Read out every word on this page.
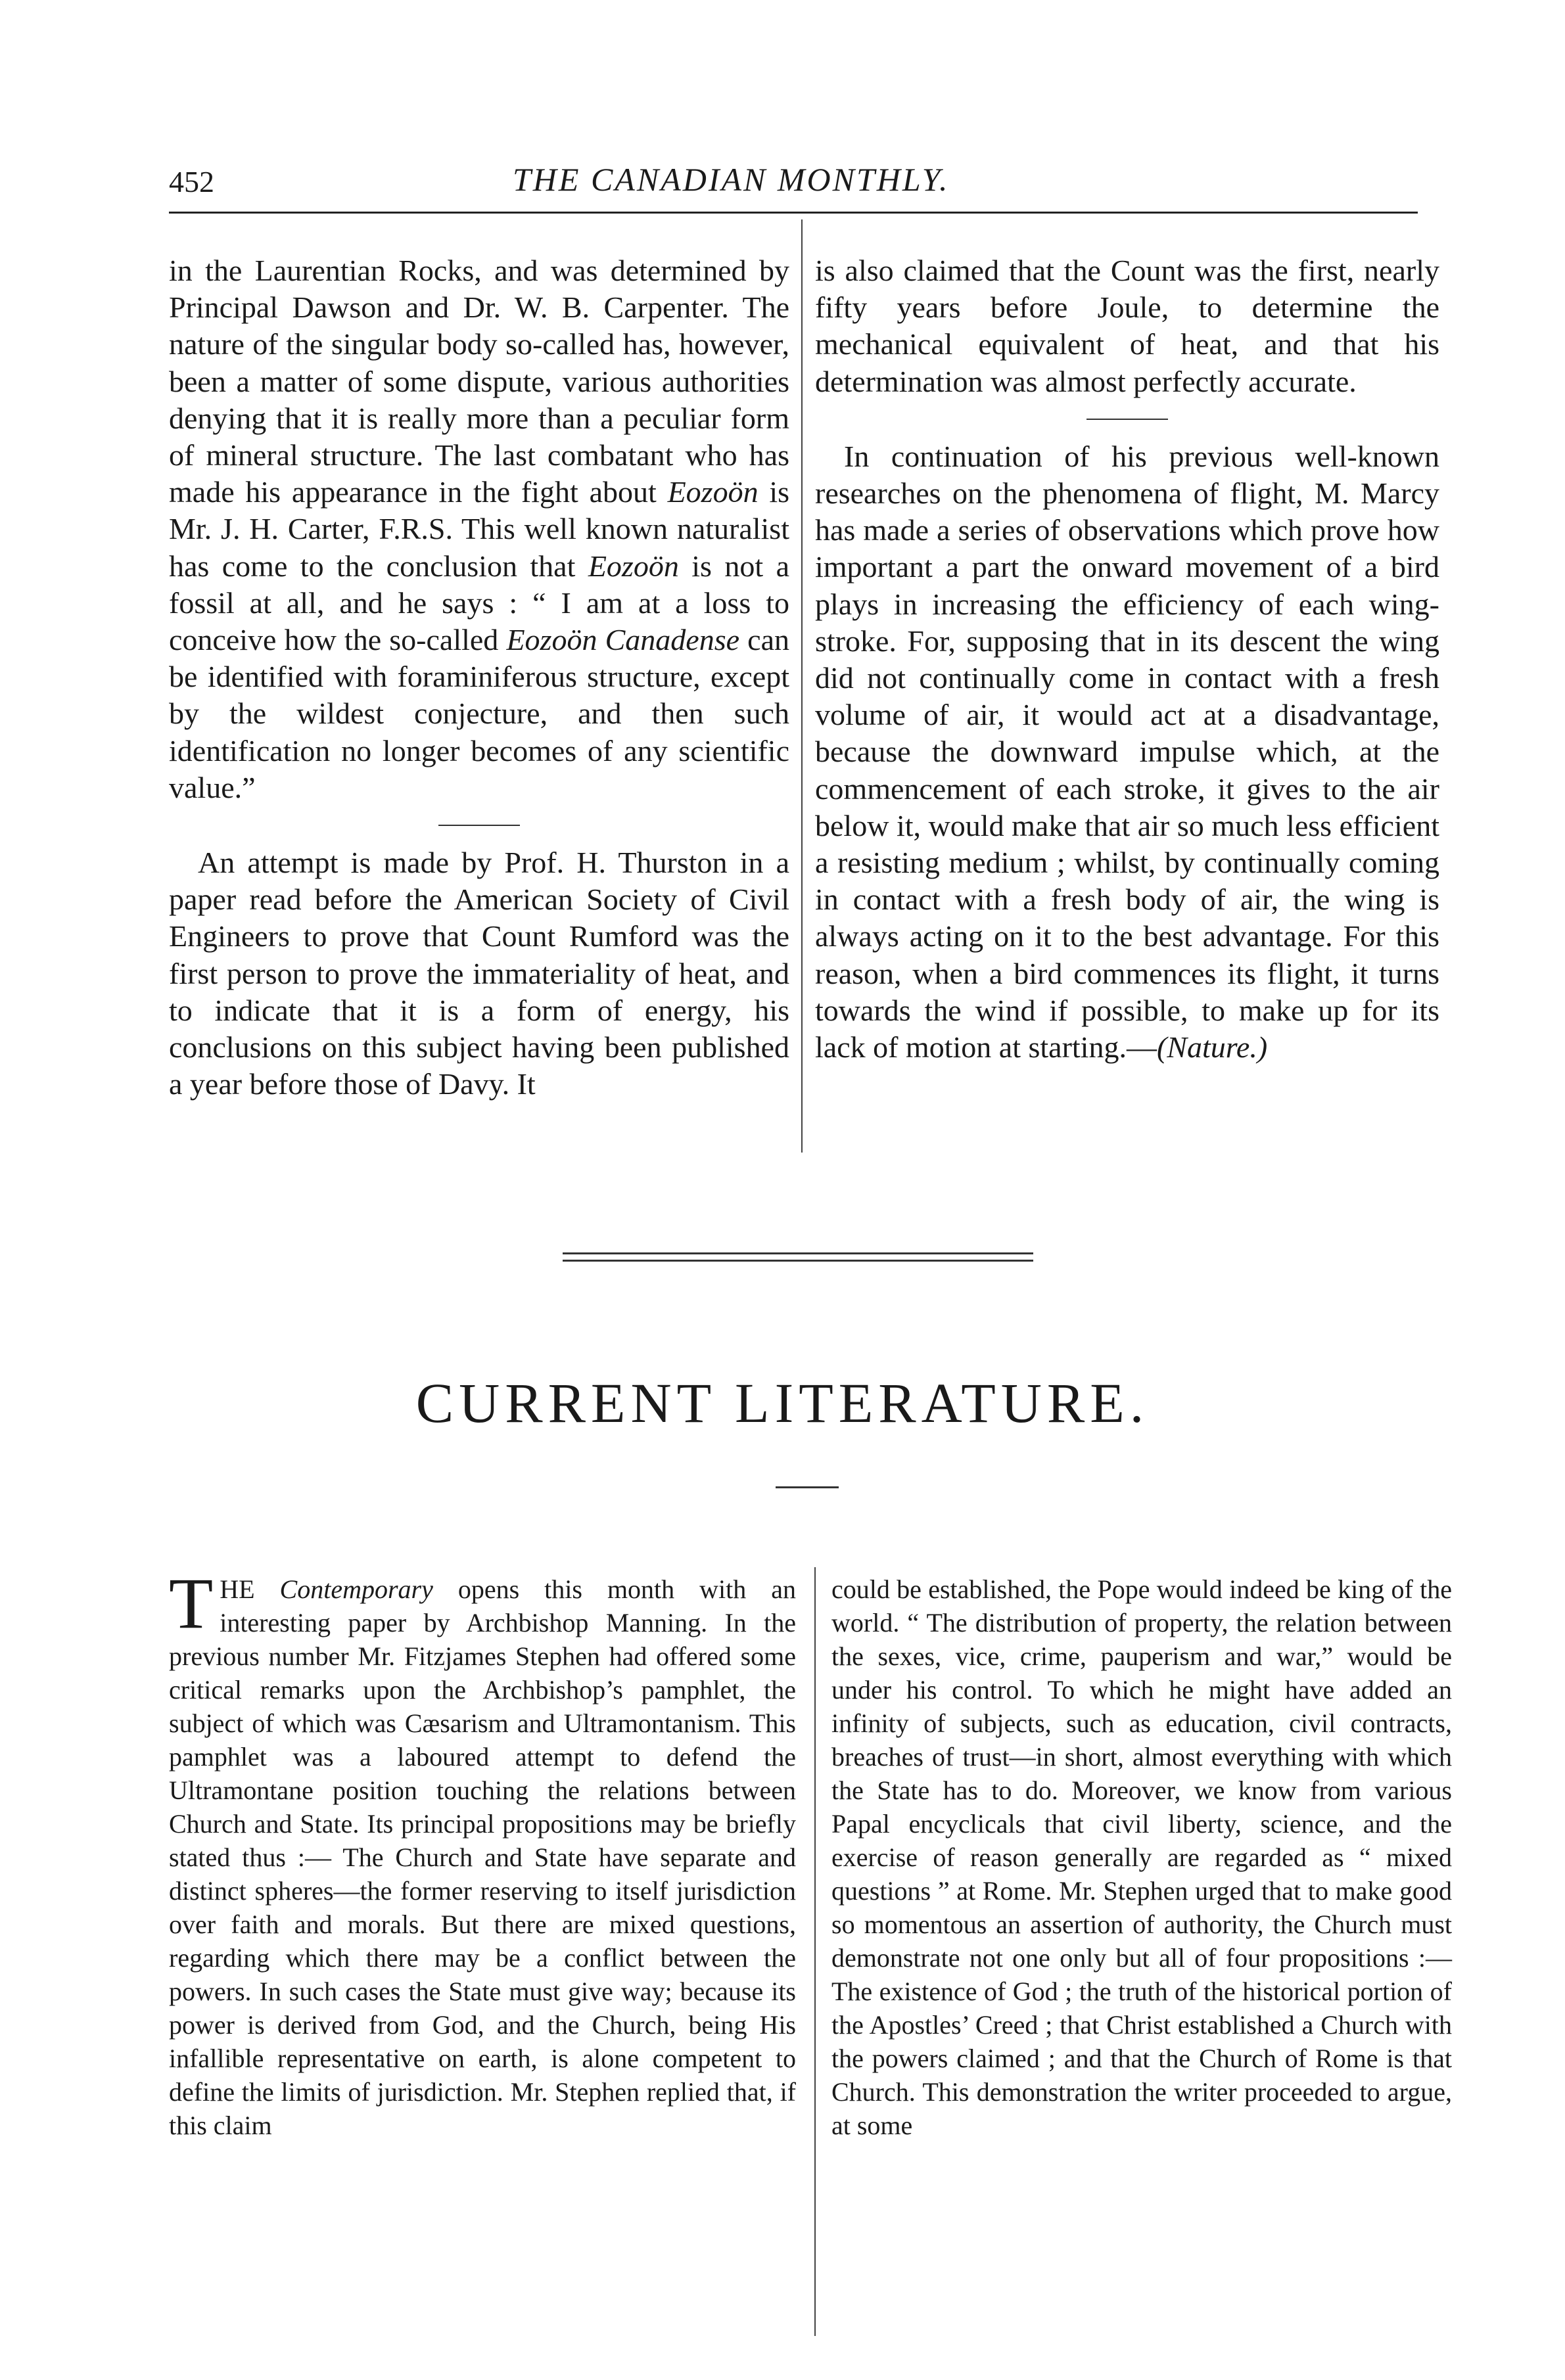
452	THE CANADIAN MONTHLY.

in the Laurentian Rocks, and was determined by Principal Dawson and Dr. W. B. Carpenter. The nature of the singular body so-called has, however, been a matter of some dispute, various authorities denying that it is really more than a peculiar form of mineral structure. The last combatant who has made his appearance in the fight about Eozoön is Mr. J. H. Carter, F.R.S. This well known naturalist has come to the conclusion that Eozoön is not a fossil at all, and he says : “ I am at a loss to conceive how the so-called Eozoön Canadense can be identified with foraminiferous structure, except by the wildest conjecture, and then such identification no longer becomes of any scientific value.”

An attempt is made by Prof. H. Thurston in a paper read before the American Society of Civil Engineers to prove that Count Rumford was the first person to prove the immateriality of heat, and to indicate that it is a form of energy, his conclusions on this subject having been published a year before those of Davy. It

is also claimed that the Count was the first, nearly fifty years before Joule, to determine the mechanical equivalent of heat, and that his determination was almost perfectly accurate.

In continuation of his previous well-known researches on the phenomena of flight, M. Marcy has made a series of observations which prove how important a part the onward movement of a bird plays in increasing the efficiency of each wing-stroke. For, supposing that in its descent the wing did not continually come in contact with a fresh volume of air, it would act at a disadvantage, because the downward impulse which, at the commencement of each stroke, it gives to the air below it, would make that air so much less efficient a resisting medium ; whilst, by continually coming in contact with a fresh body of air, the wing is always acting on it to the best advantage. For this reason, when a bird commences its flight, it turns towards the wind if possible, to make up for its lack of motion at starting.—(Nature.)

CURRENT LITERATURE.

THE Contemporary opens this month with an interesting paper by Archbishop Manning. In the previous number Mr. Fitzjames Stephen had offered some critical remarks upon the Archbishop’s pamphlet, the subject of which was Cæsarism and Ultramontanism. This pamphlet was a laboured attempt to defend the Ultramontane position touching the relations between Church and State. Its principal propositions may be briefly stated thus :— The Church and State have separate and distinct spheres—the former reserving to itself jurisdiction over faith and morals. But there are mixed questions, regarding which there may be a conflict between the powers. In such cases the State must give way; because its power is derived from God, and the Church, being His infallible representative on earth, is alone competent to define the limits of jurisdiction. Mr. Stephen replied that, if this claim

could be established, the Pope would indeed be king of the world. “ The distribution of property, the relation between the sexes, vice, crime, pauperism and war,” would be under his control. To which he might have added an infinity of subjects, such as education, civil contracts, breaches of trust—in short, almost everything with which the State has to do. Moreover, we know from various Papal encyclicals that civil liberty, science, and the exercise of reason generally are regarded as “ mixed questions ” at Rome. Mr. Stephen urged that to make good so momentous an assertion of authority, the Church must demonstrate not one only but all of four propositions :—The existence of God ; the truth of the historical portion of the Apostles’ Creed ; that Christ established a Church with the powers claimed ; and that the Church of Rome is that Church. This demonstration the writer proceeded to argue, at some
